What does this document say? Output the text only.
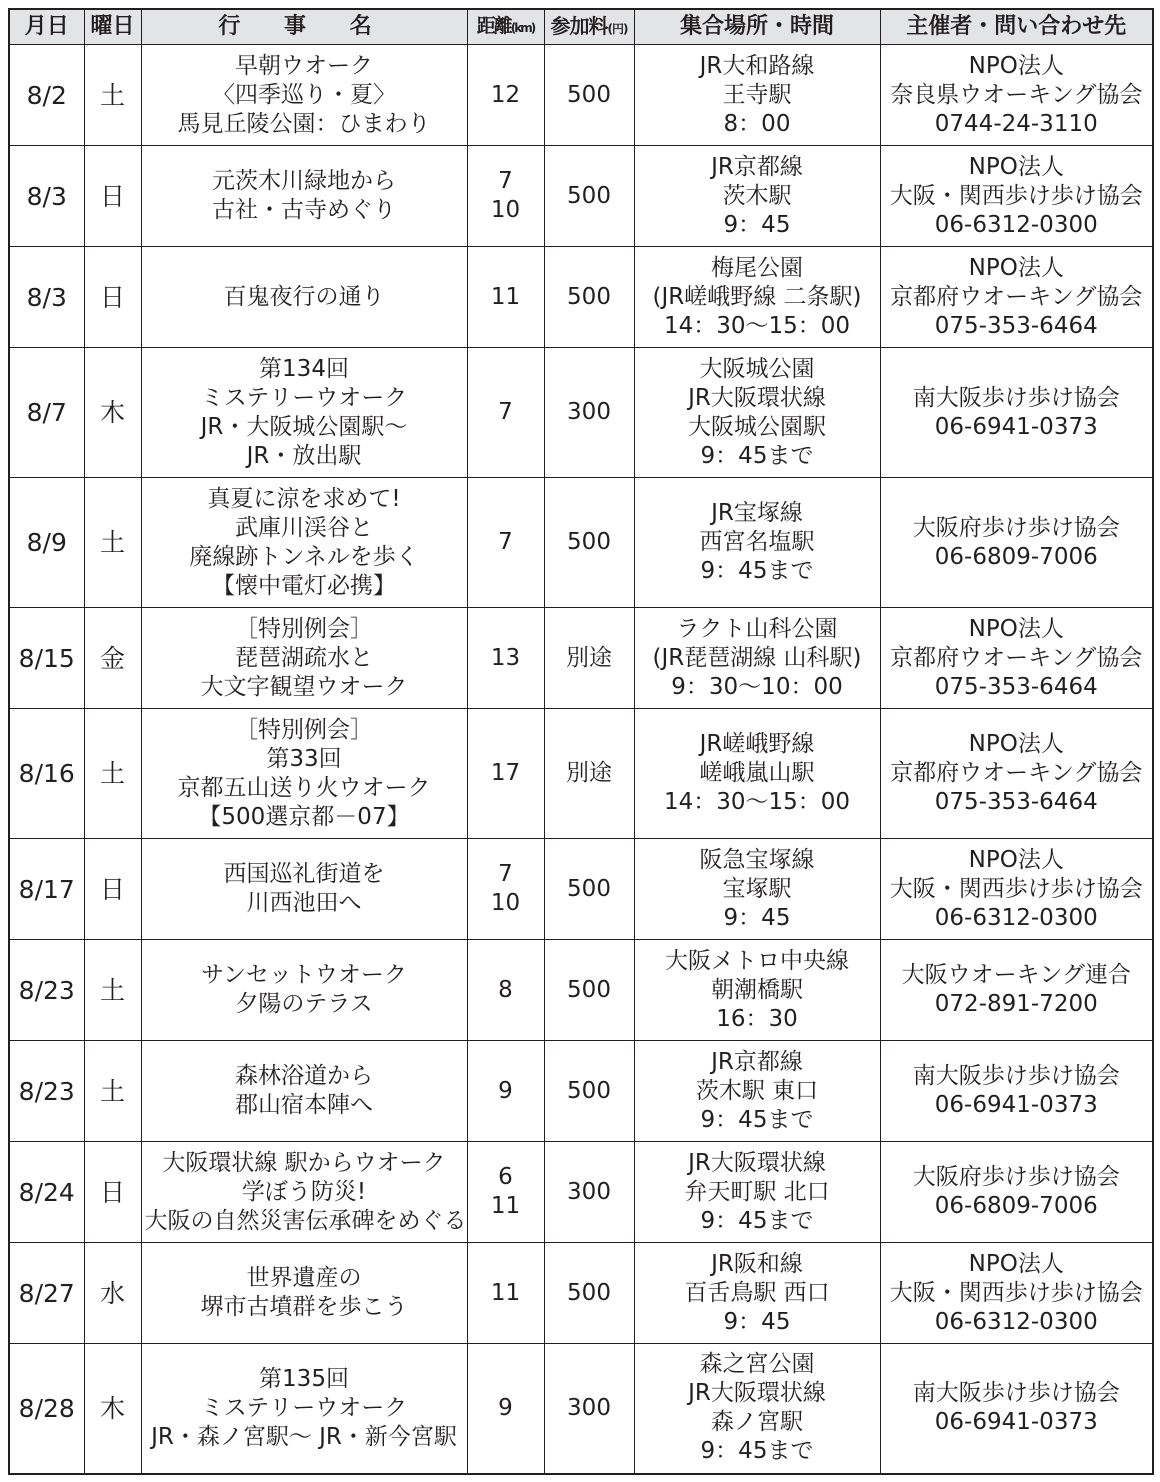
月日	曜日	行 事 名	距離(km)	参加料(円)	集合場所・時間	主催者・問い合わせ先
8/2	土	早朝ウオーク
〈四季巡り・夏〉
馬見丘陵公園：ひまわり	12	500	JR大和路線
王寺駅
8：00	NPO法人
奈良県ウオーキング協会
0744-24-3110

8/3	日	元茨木川緑地から
古社・古寺めぐり	7
10	500	JR京都線
茨木駅
9：45	NPO法人
大阪・関西歩け歩け協会
06-6312-0300

8/3	日	百鬼夜行の通り	11	500	梅尾公園
(JR嵯峨野線 二条駅)
14：30〜15：00	NPO法人
京都府ウオーキング協会
075-353-6464

8/7	木	第134回
ミステリーウオーク
JR・大阪城公園駅〜
JR・放出駅	7	300	大阪城公園
JR大阪環状線
大阪城公園駅
9：45まで	南大阪歩け歩け協会
06-6941-0373

8/9	土	真夏に涼を求めて!
武庫川渓谷と
廃線跡トンネルを歩く
【懐中電灯必携】	7	500	JR宝塚線
西宮名塩駅
9：45まで	大阪府歩け歩け協会
06-6809-7006

8/15	金	［特別例会］
琵琶湖疏水と
大文字観望ウオーク	13	別途	ラクト山科公園
(JR琵琶湖線 山科駅)
9：30〜10：00	NPO法人
京都府ウオーキング協会
075-353-6464

8/16	土	［特別例会］
第33回
京都五山送り火ウオーク
【500選京都－07】	17	別途	JR嵯峨野線
嵯峨嵐山駅
14：30〜15：00	NPO法人
京都府ウオーキング協会
075-353-6464

8/17	日	西国巡礼街道を
川西池田へ	7
10	500	阪急宝塚線
宝塚駅
9：45	NPO法人
大阪・関西歩け歩け協会
06-6312-0300

8/23	土	サンセットウオーク
夕陽のテラス	8	500	大阪メトロ中央線
朝潮橋駅
16：30	大阪ウオーキング連合
072-891-7200

8/23	土	森林浴道から
郡山宿本陣へ	9	500	JR京都線
茨木駅 東口
9：45まで	南大阪歩け歩け協会
06-6941-0373

8/24	日	大阪環状線 駅からウオーク
学ぼう防災!
大阪の自然災害伝承碑をめぐる	6
11	300	JR大阪環状線
弁天町駅 北口
9：45まで	大阪府歩け歩け協会
06-6809-7006

8/27	水	世界遺産の
堺市古墳群を歩こう	11	500	JR阪和線
百舌鳥駅 西口
9：45	NPO法人
大阪・関西歩け歩け協会
06-6312-0300

8/28	木	第135回
ミステリーウオーク
JR・森ノ宮駅〜 JR・新今宮駅	9	300	森之宮公園
JR大阪環状線
森ノ宮駅
9：45まで	南大阪歩け歩け協会
06-6941-0373
